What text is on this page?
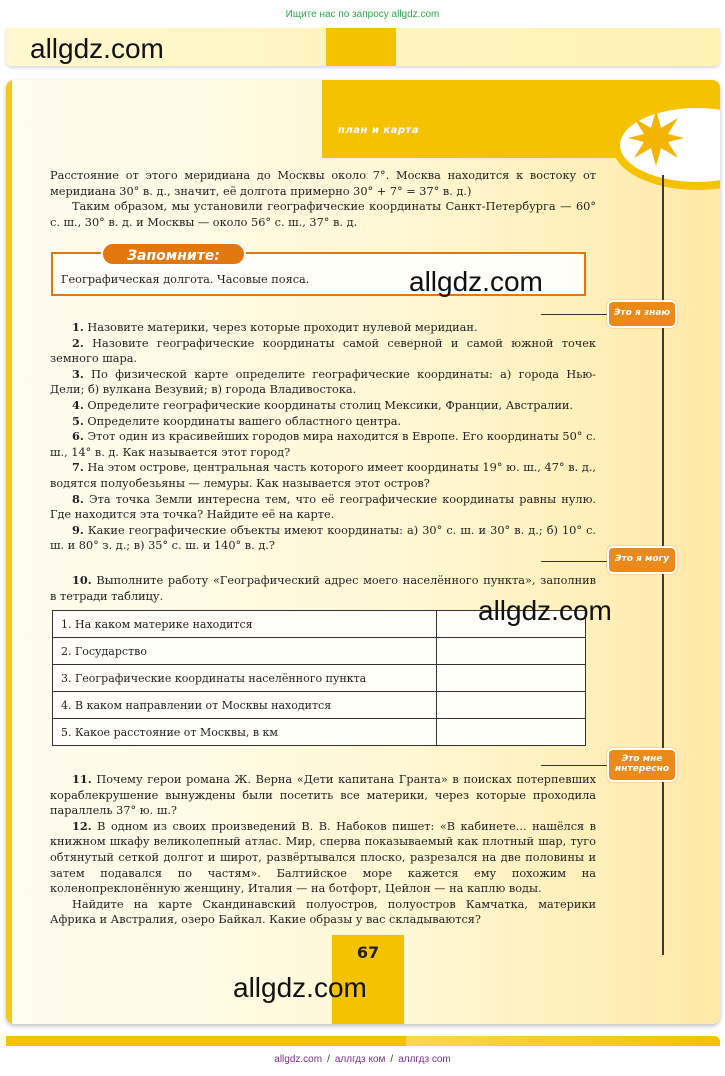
Ищите нас по запросу allgdz.com
allgdz.com
план и карта
Это я знаю
Это я могу
Это мне
интересно

Расстояние от этого меридиана до Москвы около 7°. Москва находится к востоку от меридиана 30° в. д., значит, её долгота примерно 30° + 7° = 37° в. д.)

Таким образом, мы установили географические координаты Санкт-Петербурга — 60° с. ш., 30° в. д. и Москвы — около 56° с. ш., 37° в. д.

Запомните:
Географическая долгота. Часовые пояса.	allgdz.com

1. Назовите материки, через которые проходит нулевой меридиан.

2. Назовите географические координаты самой северной и самой южной точек земного шара.

3. По физической карте определите географические координаты: а) города Нью-Дели; б) вулкана Везувий; в) города Владивостока.

4. Определите географические координаты столиц Мексики, Франции, Австралии.

5. Определите координаты вашего областного центра.

6. Этот один из красивейших городов мира находится в Европе. Его координаты 50° с. ш., 14° в. д. Как называется этот город?

7. На этом острове, центральная часть которого имеет координаты 19° ю. ш., 47° в. д., водятся полуобезьяны — лемуры. Как называется этот остров?

8. Эта точка Земли интересна тем, что её географические координаты равны нулю. Где находится эта точка? Найдите её на карте.

9. Какие географические объекты имеют координаты: а) 30° с. ш. и 30° в. д.; б) 10° с. ш. и 80° з. д.; в) 35° с. ш. и 140° в. д.?

10. Выполните работу «Географический адрес моего населённого пункта», заполнив в тетради таблицу.

1. На каком материке находится	
2. Государство	
3. Географические координаты населённого пункта	
4. В каком направлении от Москвы находится	
5. Какое расстояние от Москвы, в км	
allgdz.com

11. Почему герои романа Ж. Верна «Дети капитана Гранта» в поисках потерпевших кораблекрушение вынуждены были посетить все материки, через которые проходила параллель 37° ю. ш.?

12. В одном из своих произведений В. В. Набоков пишет: «В кабинете... нашёлся в книжном шкафу великолепный атлас. Мир, сперва показываемый как плотный шар, туго обтянутый сеткой долгот и широт, развёртывался плоско, разрезался на две половины и затем подавался по частям». Балтийское море кажется ему похожим на коленопреклонённую женщину, Италия — на ботфорт, Цейлон — на каплю воды.

Найдите на карте Скандинавский полуостров, полуостров Камчатка, материки Африка и Австралия, озеро Байкал. Какие образы у вас складываются?

67
allgdz.com
allgdz.com / аллгдз ком / аллгдз com
